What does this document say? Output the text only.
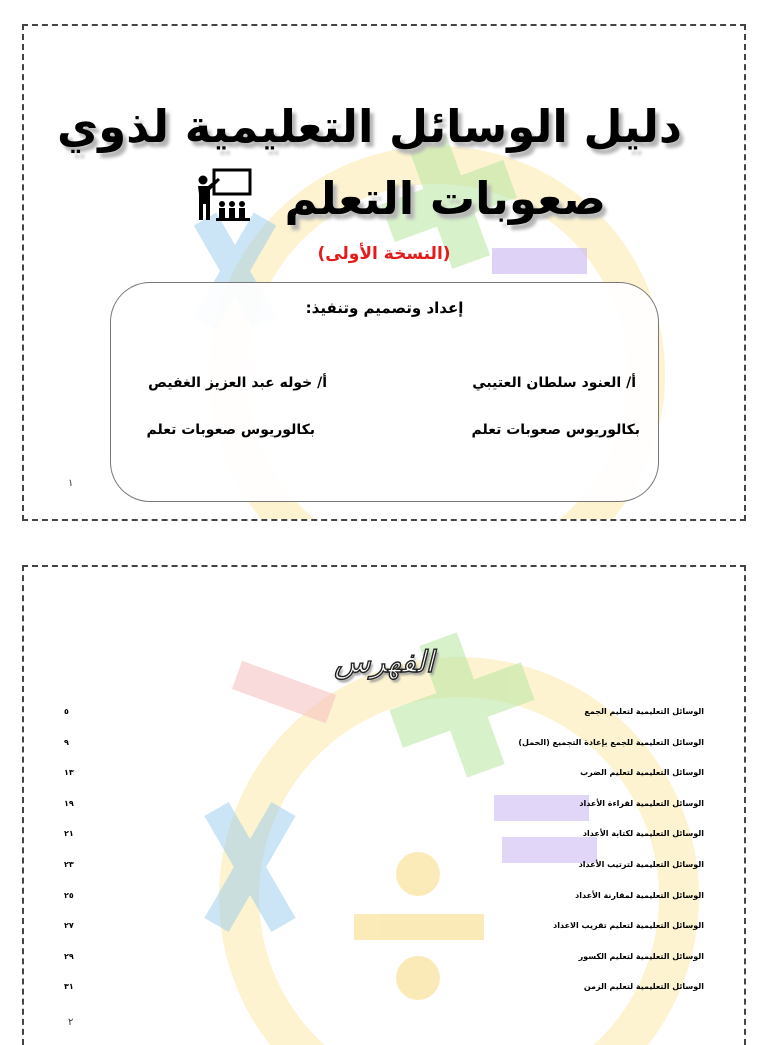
دليل الوسائل التعليمية لذوي
صعوبات التعلم
(النسخة الأولى)
إعداد وتصميم وتنفيذ:
أ/ العنود سلطان العتيبي
أ/ خوله عبد العزيز الغفيص
بكالوريوس صعوبات تعلم
بكالوريوس صعوبات تعلم
١
الفهرس
الوسائل التعليمية لتعليم الجمع
٥
الوسائل التعليمية للجمع بإعادة التجميع (الحمل)
٩
الوسائل التعليمية لتعليم الضرب
١٣
الوسائل التعليمية لقراءة الأعداد
١٩
الوسائل التعليمية لكتابة الأعداد
٢١
الوسائل التعليمية لترتيب الأعداد
٢٣
الوسائل التعليمية لمقارنة الأعداد
٢٥
الوسائل التعليمية لتعليم تقريب الاعداد
٢٧
الوسائل التعليمية لتعليم الكسور
٢٩
الوسائل التعليمية لتعليم الزمن
٣١
٢
